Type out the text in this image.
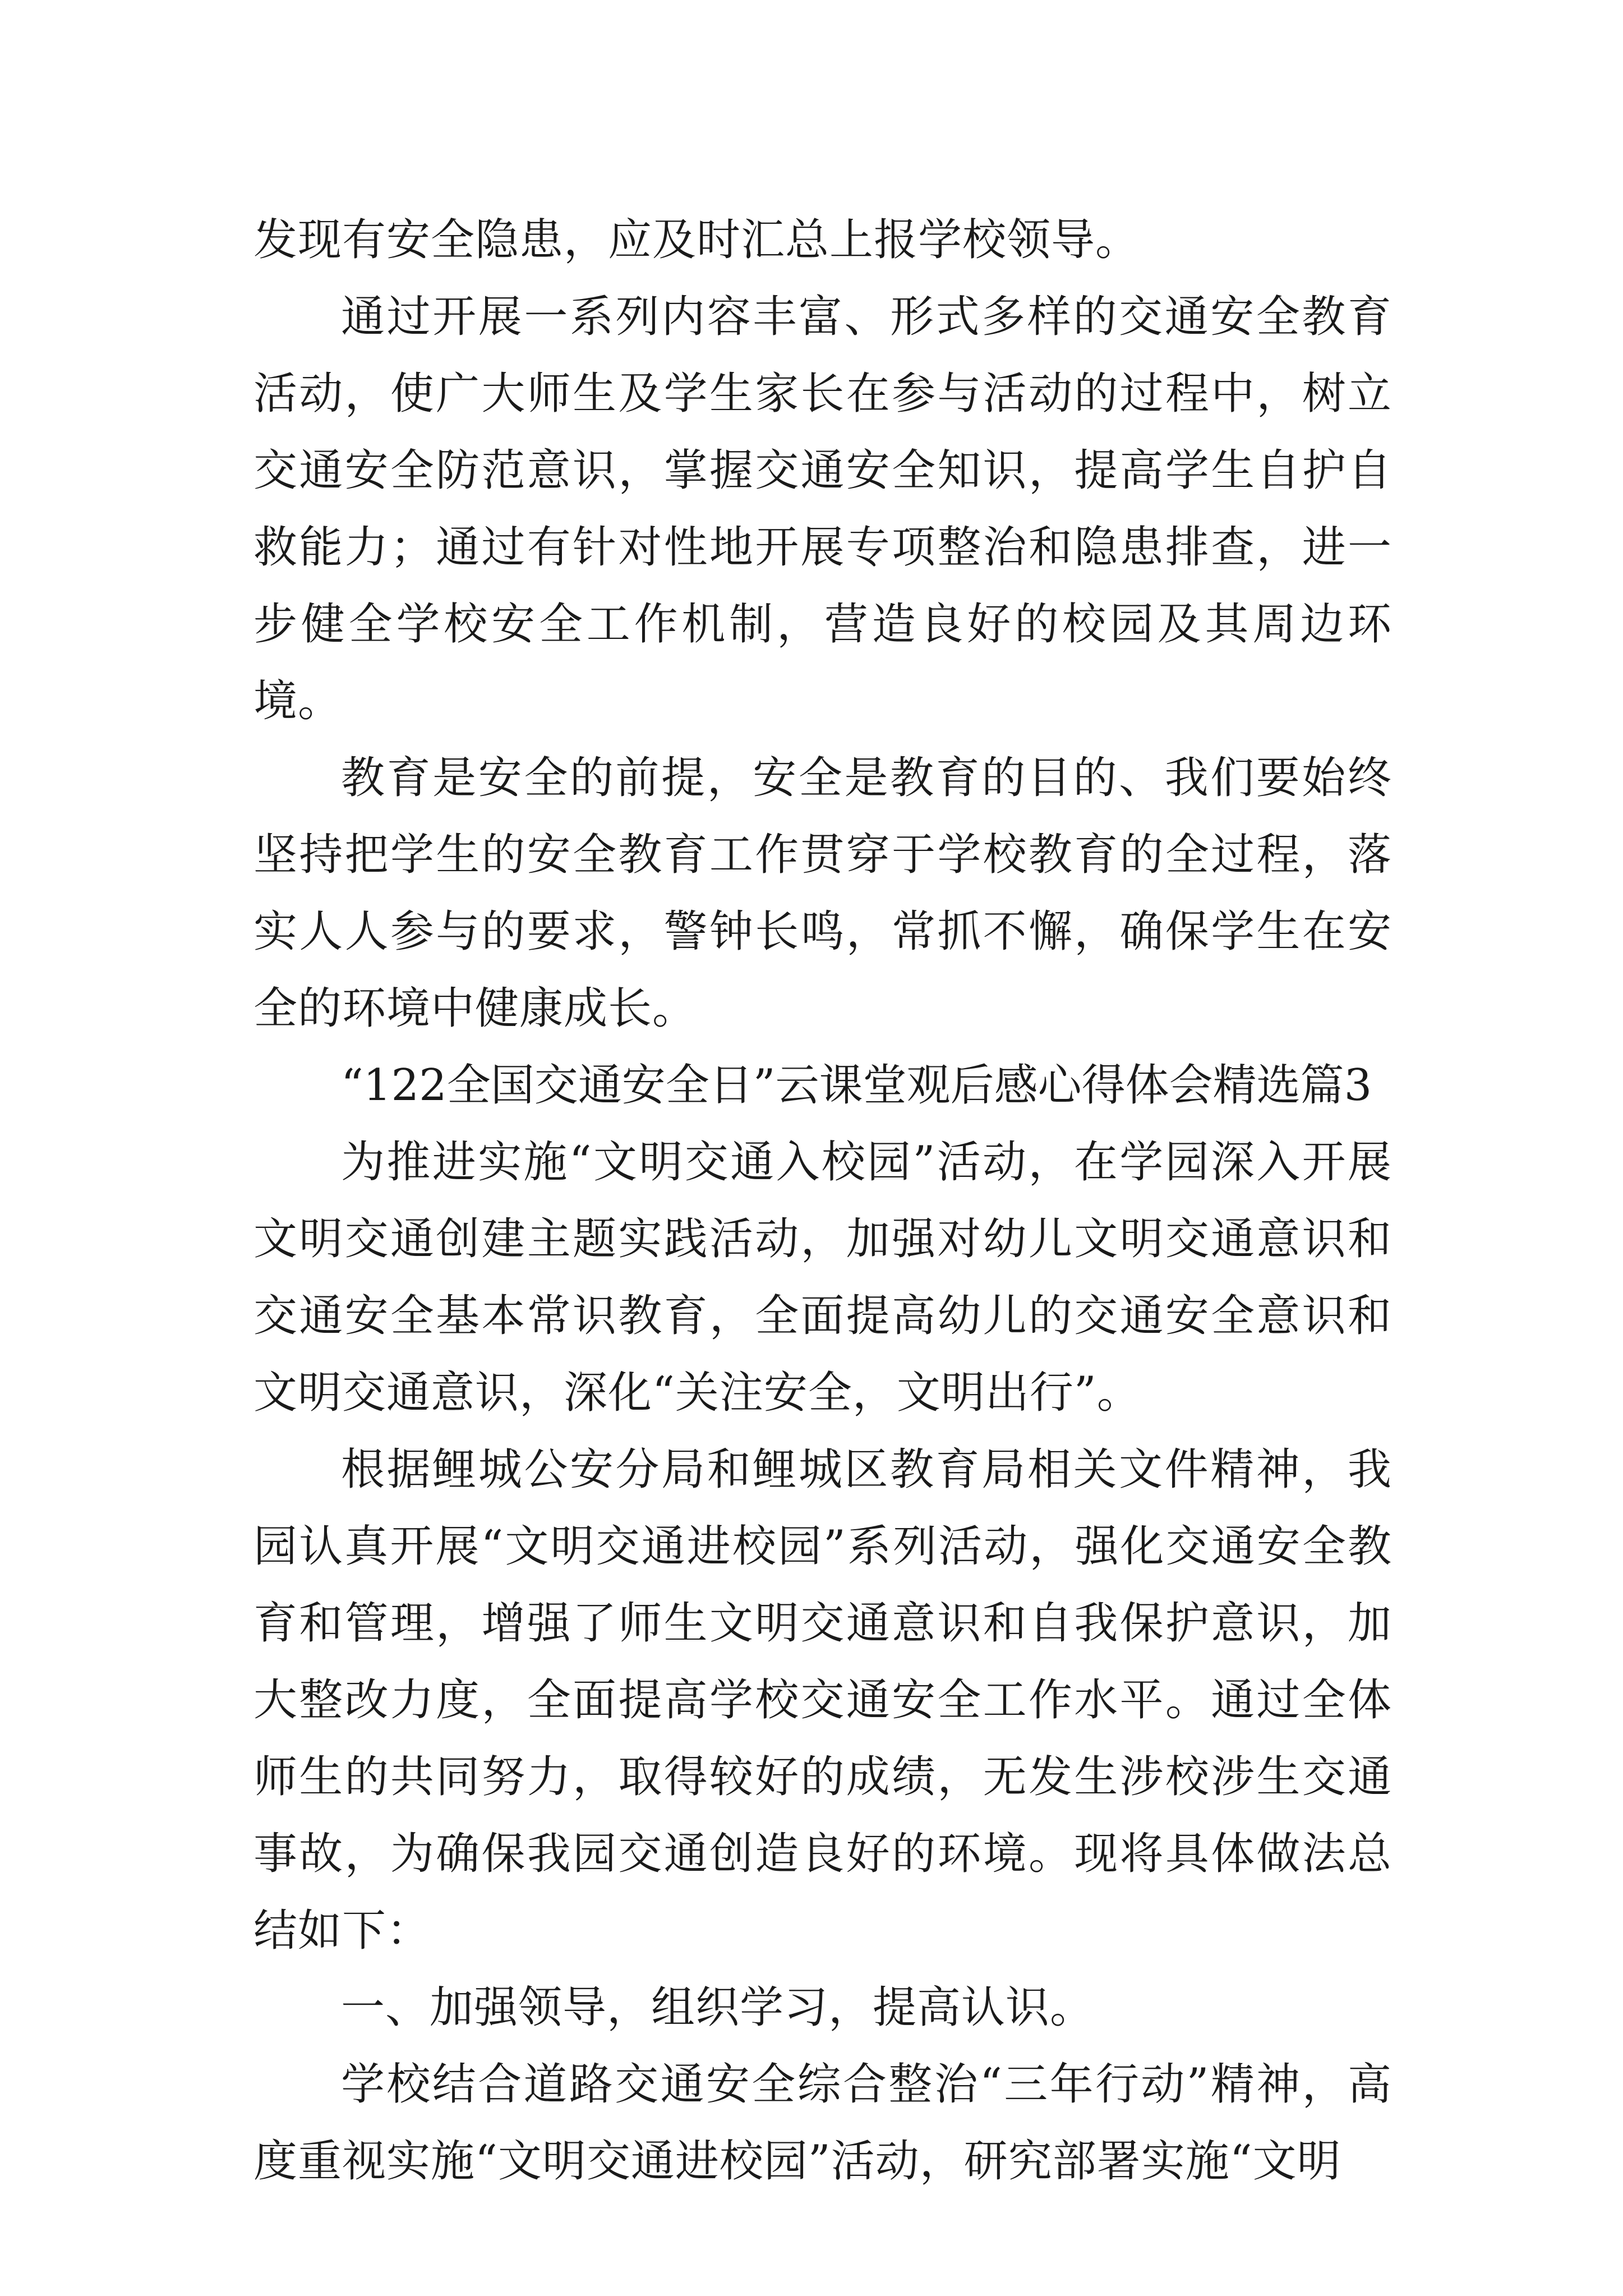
发现有安全隐患，应及时汇总上报学校领导。

通过开展一系列内容丰富、形式多样的交通安全教育活动，使广大师生及学生家长在参与活动的过程中，树立交通安全防范意识，掌握交通安全知识，提高学生自护自救能力；通过有针对性地开展专项整治和隐患排查，进一步健全学校安全工作机制，营造良好的校园及其周边环境。

教育是安全的前提，安全是教育的目的、我们要始终坚持把学生的安全教育工作贯穿于学校教育的全过程，落实人人参与的要求，警钟长鸣，常抓不懈，确保学生在安全的环境中健康成长。

“122全国交通安全日”云课堂观后感心得体会精选篇3

为推进实施“文明交通入校园”活动，在学园深入开展文明交通创建主题实践活动，加强对幼儿文明交通意识和交通安全基本常识教育，全面提高幼儿的交通安全意识和文明交通意识，深化“关注安全，文明出行”。

根据鲤城公安分局和鲤城区教育局相关文件精神，我园认真开展“文明交通进校园”系列活动，强化交通安全教育和管理，增强了师生文明交通意识和自我保护意识，加大整改力度，全面提高学校交通安全工作水平。通过全体师生的共同努力，取得较好的成绩，无发生涉校涉生交通事故，为确保我园交通创造良好的环境。现将具体做法总结如下：

一、加强领导，组织学习，提高认识。

学校结合道路交通安全综合整治“三年行动”精神，高度重视实施“文明交通进校园”活动，研究部署实施“文明
